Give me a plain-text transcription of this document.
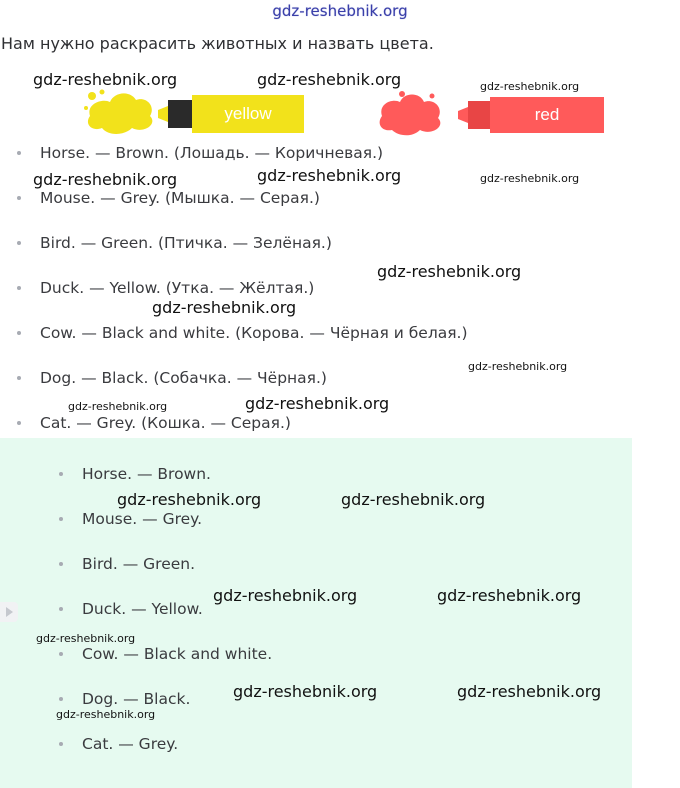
gdz-reshebnik.org
Нам нужно раскрасить животных и назвать цвета.
yellow	red
Horse. — Brown. (Лошадь. — Коричневая.)
Mouse. — Grey. (Мышка. — Серая.)
Bird. — Green. (Птичка. — Зелёная.)
Duck. — Yellow. (Утка. — Жёлтая.)
Cow. — Black and white. (Корова. — Чёрная и белая.)
Dog. — Black. (Собачка. — Чёрная.)
Cat. — Grey. (Кошка. — Серая.)
Horse. — Brown.
Mouse. — Grey.
Bird. — Green.
Duck. — Yellow.
Cow. — Black and white.
Dog. — Black.
Cat. — Grey.
gdz-reshebnik.org	gdz-reshebnik.org	gdz-reshebnik.org
gdz-reshebnik.org	gdz-reshebnik.org	gdz-reshebnik.org
gdz-reshebnik.org
gdz-reshebnik.org
gdz-reshebnik.org
gdz-reshebnik.org	gdz-reshebnik.org
gdz-reshebnik.org	gdz-reshebnik.org
gdz-reshebnik.org	gdz-reshebnik.org
gdz-reshebnik.org
gdz-reshebnik.org	gdz-reshebnik.org
gdz-reshebnik.org
